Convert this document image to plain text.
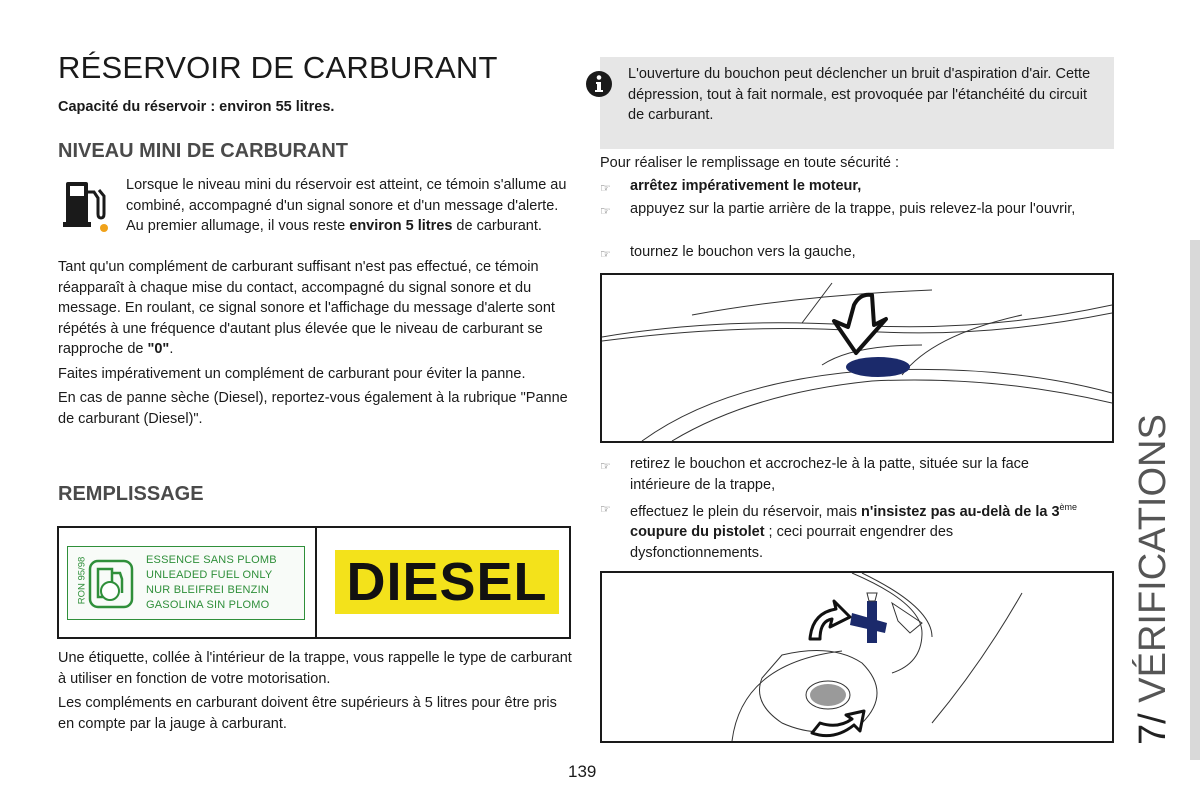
RÉSERVOIR DE CARBURANT
Capacité du réservoir : environ 55 litres.
NIVEAU MINI DE CARBURANT
Lorsque le niveau mini du réservoir est atteint, ce témoin s'allume au combiné, accompagné d'un signal sonore et d'un message d'alerte. Au premier allumage, il vous reste environ 5 litres de carburant.

Tant qu'un complément de carburant suffisant n'est pas effectué, ce témoin réapparaît à chaque mise du contact, accompagné du signal sonore et du message. En roulant, ce signal sonore et l'affichage du message d'alerte sont répétés à une fréquence d'autant plus élevée que le niveau de carburant se rapproche de "0".

Faites impérativement un complément de carburant pour éviter la panne.

En cas de panne sèche (Diesel), reportez-vous également à la rubrique "Panne de carburant (Diesel)".

REMPLISSAGE
RON 95/98	ESSENCE SANS PLOMB
UNLEADED FUEL ONLY
NUR BLEIFREI BENZIN
GASOLINA SIN PLOMO DIESEL

Une étiquette, collée à l'intérieur de la trappe, vous rappelle le type de carburant à utiliser en fonction de votre motorisation.

Les compléments en carburant doivent être supérieurs à 5 litres pour être pris en compte par la jauge à carburant.

L'ouverture du bouchon peut déclencher un bruit d'aspiration d'air. Cette dépression, tout à fait normale, est provoquée par l'étanchéité du circuit de carburant.
Pour réaliser le remplissage en toute sécurité :
☞ arrêtez impérativement le moteur,
☞ appuyez sur la partie arrière de la trappe, puis relevez-la pour l'ouvrir,
☞ tournez le bouchon vers la gauche,
☞ retirez le bouchon et accrochez-le à la patte, située sur la face intérieure de la trappe,
☞ effectuez le plein du réservoir, mais n'insistez pas au-delà de la 3ème coupure du pistolet ; ceci pourrait engendrer des dysfonctionnements.
7/ VÉRIFICATIONS
139
